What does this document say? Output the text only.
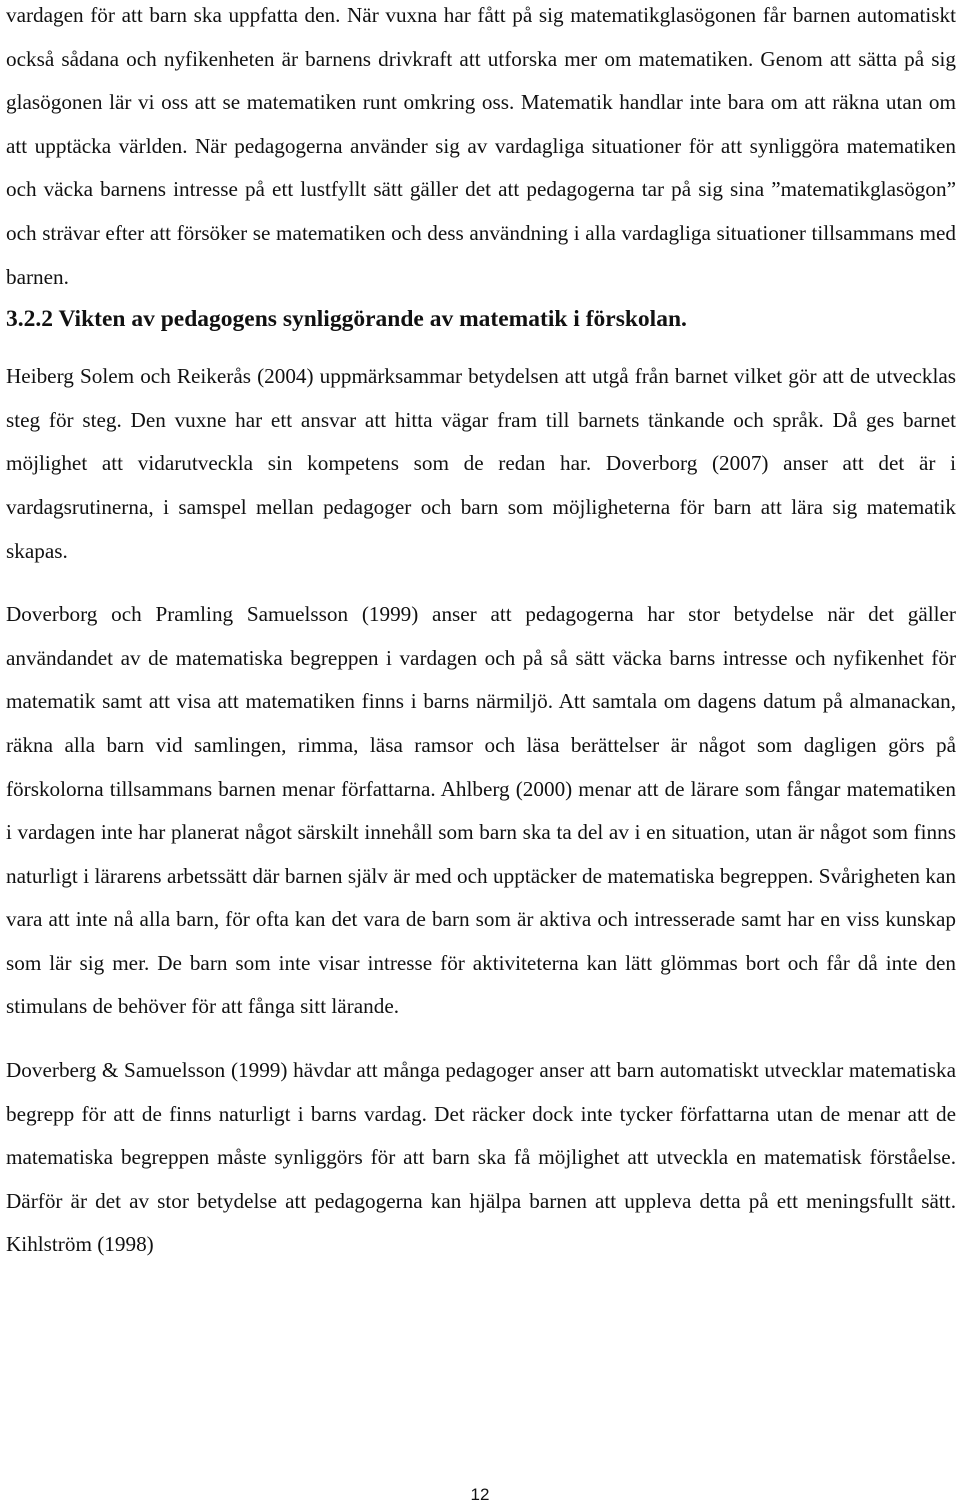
vardagen för att barn ska uppfatta den. När vuxna har fått på sig matematikglasögonen får barnen automatiskt också sådana och nyfikenheten är barnens drivkraft att utforska mer om matematiken. Genom att sätta på sig glasögonen lär vi oss att se matematiken runt omkring oss. Matematik handlar inte bara om att räkna utan om att upptäcka världen. När pedagogerna använder sig av vardagliga situationer för att synliggöra matematiken och väcka barnens intresse på ett lustfyllt sätt gäller det att pedagogerna tar på sig sina ”matematikglasögon” och strävar efter att försöker se matematiken och dess användning i alla vardagliga situationer tillsammans med barnen.

3.2.2 Vikten av pedagogens synliggörande av matematik i förskolan.

Heiberg Solem och Reikerås (2004) uppmärksammar betydelsen att utgå från barnet vilket gör att de utvecklas steg för steg. Den vuxne har ett ansvar att hitta vägar fram till barnets tänkande och språk. Då ges barnet möjlighet att vidarutveckla sin kompetens som de redan har. Doverborg (2007) anser att det är i vardagsrutinerna, i samspel mellan pedagoger och barn som möjligheterna för barn att lära sig matematik skapas.

Doverborg och Pramling Samuelsson (1999) anser att pedagogerna har stor betydelse när det gäller användandet av de matematiska begreppen i vardagen och på så sätt väcka barns intresse och nyfikenhet för matematik samt att visa att matematiken finns i barns närmiljö. Att samtala om dagens datum på almanackan, räkna alla barn vid samlingen, rimma, läsa ramsor och läsa berättelser är något som dagligen görs på förskolorna tillsammans barnen menar författarna. Ahlberg (2000) menar att de lärare som fångar matematiken i vardagen inte har planerat något särskilt innehåll som barn ska ta del av i en situation, utan är något som finns naturligt i lärarens arbetssätt där barnen själv är med och upptäcker de matematiska begreppen. Svårigheten kan vara att inte nå alla barn, för ofta kan det vara de barn som är aktiva och intresserade samt har en viss kunskap som lär sig mer. De barn som inte visar intresse för aktiviteterna kan lätt glömmas bort och får då inte den stimulans de behöver för att fånga sitt lärande.

Doverberg & Samuelsson (1999) hävdar att många pedagoger anser att barn automatiskt utvecklar matematiska begrepp för att de finns naturligt i barns vardag. Det räcker dock inte tycker författarna utan de menar att de matematiska begreppen måste synliggörs för att barn ska få möjlighet att utveckla en matematisk förståelse. Därför är det av stor betydelse att pedagogerna kan hjälpa barnen att uppleva detta på ett meningsfullt sätt. Kihlström (1998)

12
